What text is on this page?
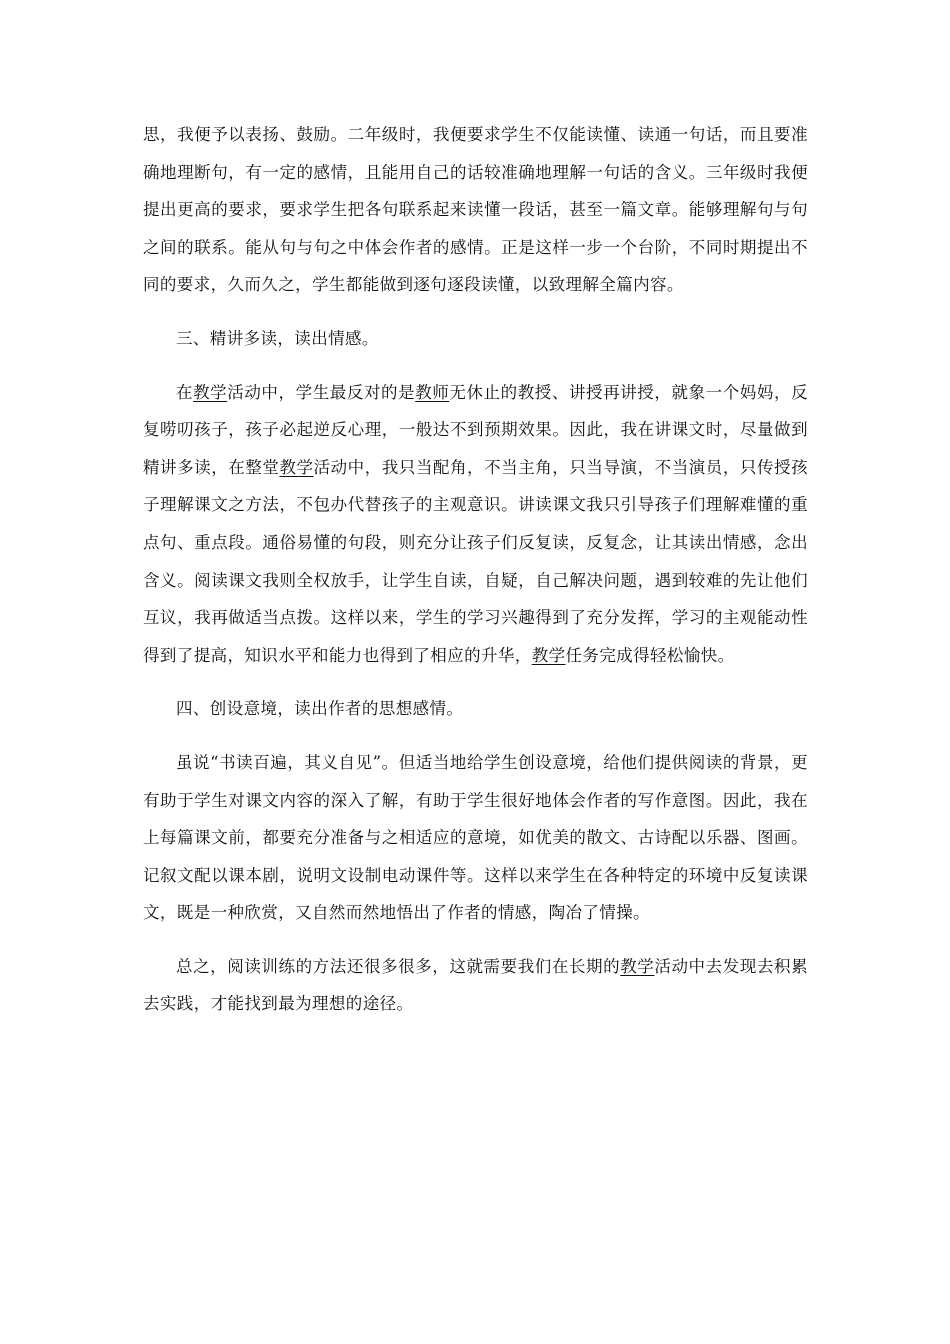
思，我便予以表扬、鼓励。二年级时，我便要求学生不仅能读懂、读通一句话，而且要准确地理断句，有一定的感情，且能用自己的话较准确地理解一句话的含义。三年级时我便提出更高的要求，要求学生把各句联系起来读懂一段话，甚至一篇文章。能够理解句与句之间的联系。能从句与句之中体会作者的感情。正是这样一步一个台阶，不同时期提出不同的要求，久而久之，学生都能做到逐句逐段读懂，以致理解全篇内容。

三、精讲多读，读出情感。

在教学活动中，学生最反对的是教师无休止的教授、讲授再讲授，就象一个妈妈，反复唠叨孩子，孩子必起逆反心理，一般达不到预期效果。因此，我在讲课文时，尽量做到精讲多读，在整堂教学活动中，我只当配角，不当主角，只当导演，不当演员，只传授孩子理解课文之方法，不包办代替孩子的主观意识。讲读课文我只引导孩子们理解难懂的重点句、重点段。通俗易懂的句段，则充分让孩子们反复读，反复念，让其读出情感，念出含义。阅读课文我则全权放手，让学生自读，自疑，自己解决问题，遇到较难的先让他们互议，我再做适当点拨。这样以来，学生的学习兴趣得到了充分发挥，学习的主观能动性得到了提高，知识水平和能力也得到了相应的升华，教学任务完成得轻松愉快。

四、创设意境，读出作者的思想感情。

虽说“书读百遍，其义自见”。但适当地给学生创设意境，给他们提供阅读的背景，更有助于学生对课文内容的深入了解，有助于学生很好地体会作者的写作意图。因此，我在上每篇课文前，都要充分准备与之相适应的意境，如优美的散文、古诗配以乐器、图画。记叙文配以课本剧，说明文设制电动课件等。这样以来学生在各种特定的环境中反复读课文，既是一种欣赏，又自然而然地悟出了作者的情感，陶冶了情操。

总之，阅读训练的方法还很多很多，这就需要我们在长期的教学活动中去发现去积累去实践，才能找到最为理想的途径。
